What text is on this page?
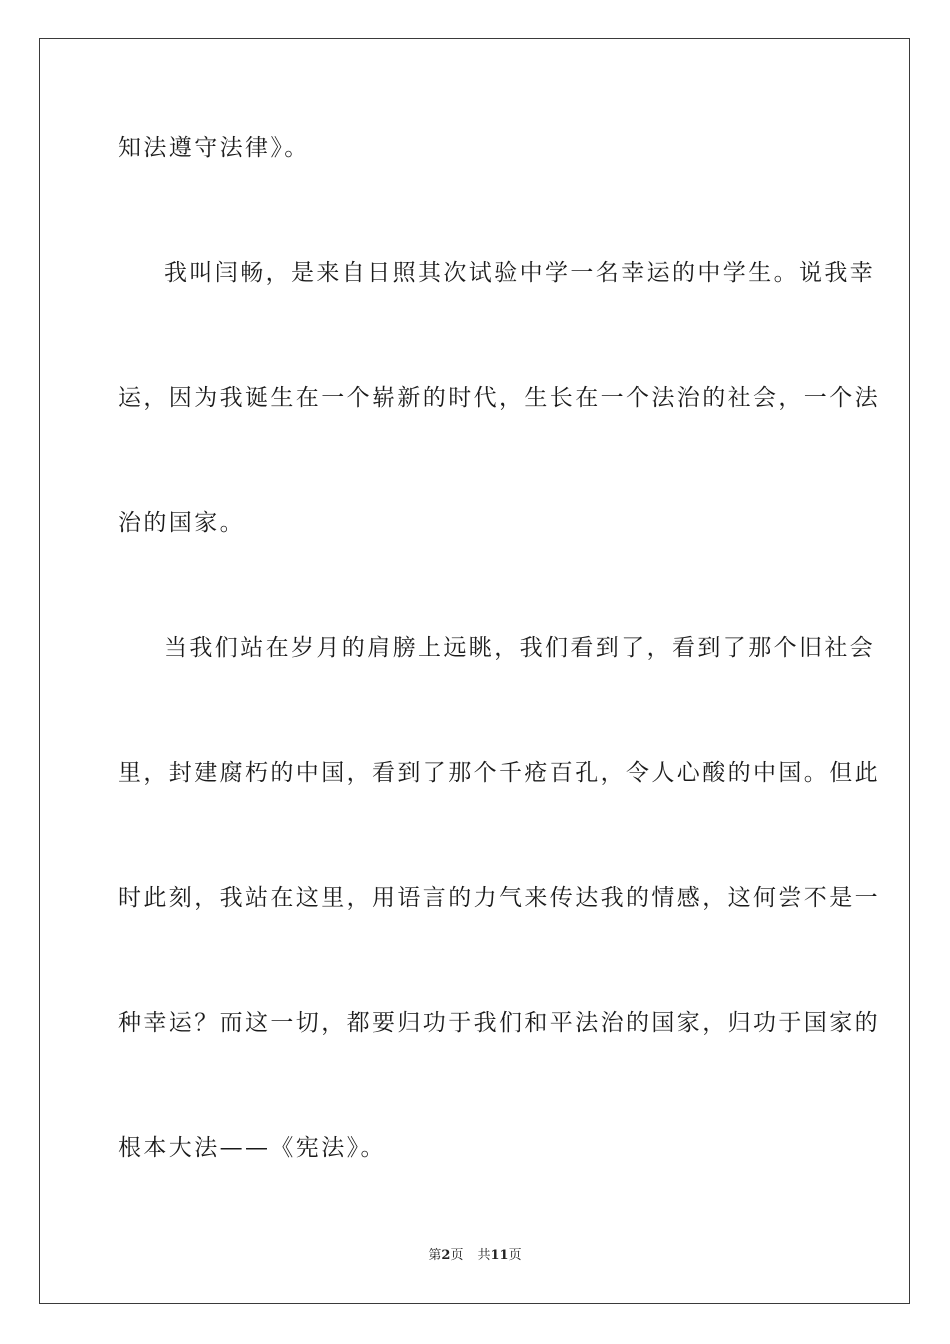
知法遵守法律》。
我叫闫畅，是来自日照其次试验中学一名幸运的中学生。说我幸
运，因为我诞生在一个崭新的时代，生长在一个法治的社会，一个法
治的国家。
当我们站在岁月的肩膀上远眺，我们看到了，看到了那个旧社会
里，封建腐朽的中国，看到了那个千疮百孔，令人心酸的中国。但此
时此刻，我站在这里，用语言的力气来传达我的情感，这何尝不是一
种幸运？而这一切，都要归功于我们和平法治的国家，归功于国家的
根本大法——《宪法》。
第2页 共11页
